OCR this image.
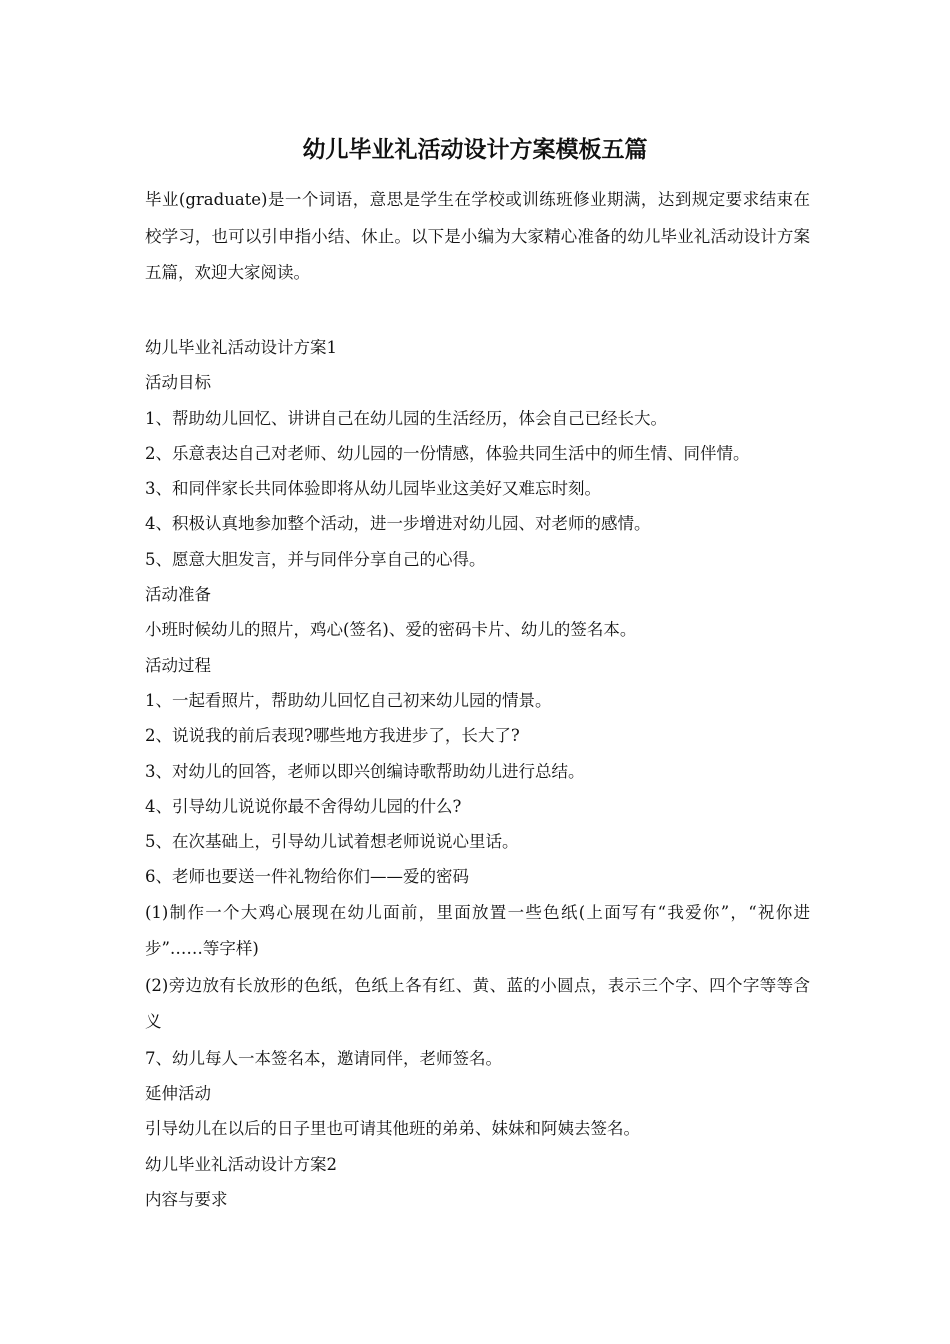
幼儿毕业礼活动设计方案模板五篇

毕业(graduate)是一个词语，意思是学生在学校或训练班修业期满，达到规定要求结束在校学习，也可以引申指小结、休止。以下是小编为大家精心准备的幼儿毕业礼活动设计方案五篇，欢迎大家阅读。

幼儿毕业礼活动设计方案1
活动目标
1、帮助幼儿回忆、讲讲自己在幼儿园的生活经历，体会自己已经长大。
2、乐意表达自己对老师、幼儿园的一份情感，体验共同生活中的师生情、同伴情。
3、和同伴家长共同体验即将从幼儿园毕业这美好又难忘时刻。
4、积极认真地参加整个活动，进一步增进对幼儿园、对老师的感情。
5、愿意大胆发言，并与同伴分享自己的心得。
活动准备
小班时候幼儿的照片，鸡心(签名)、爱的密码卡片、幼儿的签名本。
活动过程
1、一起看照片，帮助幼儿回忆自己初来幼儿园的情景。
2、说说我的前后表现?哪些地方我进步了，长大了?
3、对幼儿的回答，老师以即兴创编诗歌帮助幼儿进行总结。
4、引导幼儿说说你最不舍得幼儿园的什么?
5、在次基础上，引导幼儿试着想老师说说心里话。
6、老师也要送一件礼物给你们——爱的密码
(1)制作一个大鸡心展现在幼儿面前，里面放置一些色纸(上面写有“我爱你”，“祝你进步”……等字样)
(2)旁边放有长放形的色纸，色纸上各有红、黄、蓝的小圆点，表示三个字、四个字等等含义
7、幼儿每人一本签名本，邀请同伴，老师签名。
延伸活动
引导幼儿在以后的日子里也可请其他班的弟弟、妹妹和阿姨去签名。
幼儿毕业礼活动设计方案2
内容与要求
